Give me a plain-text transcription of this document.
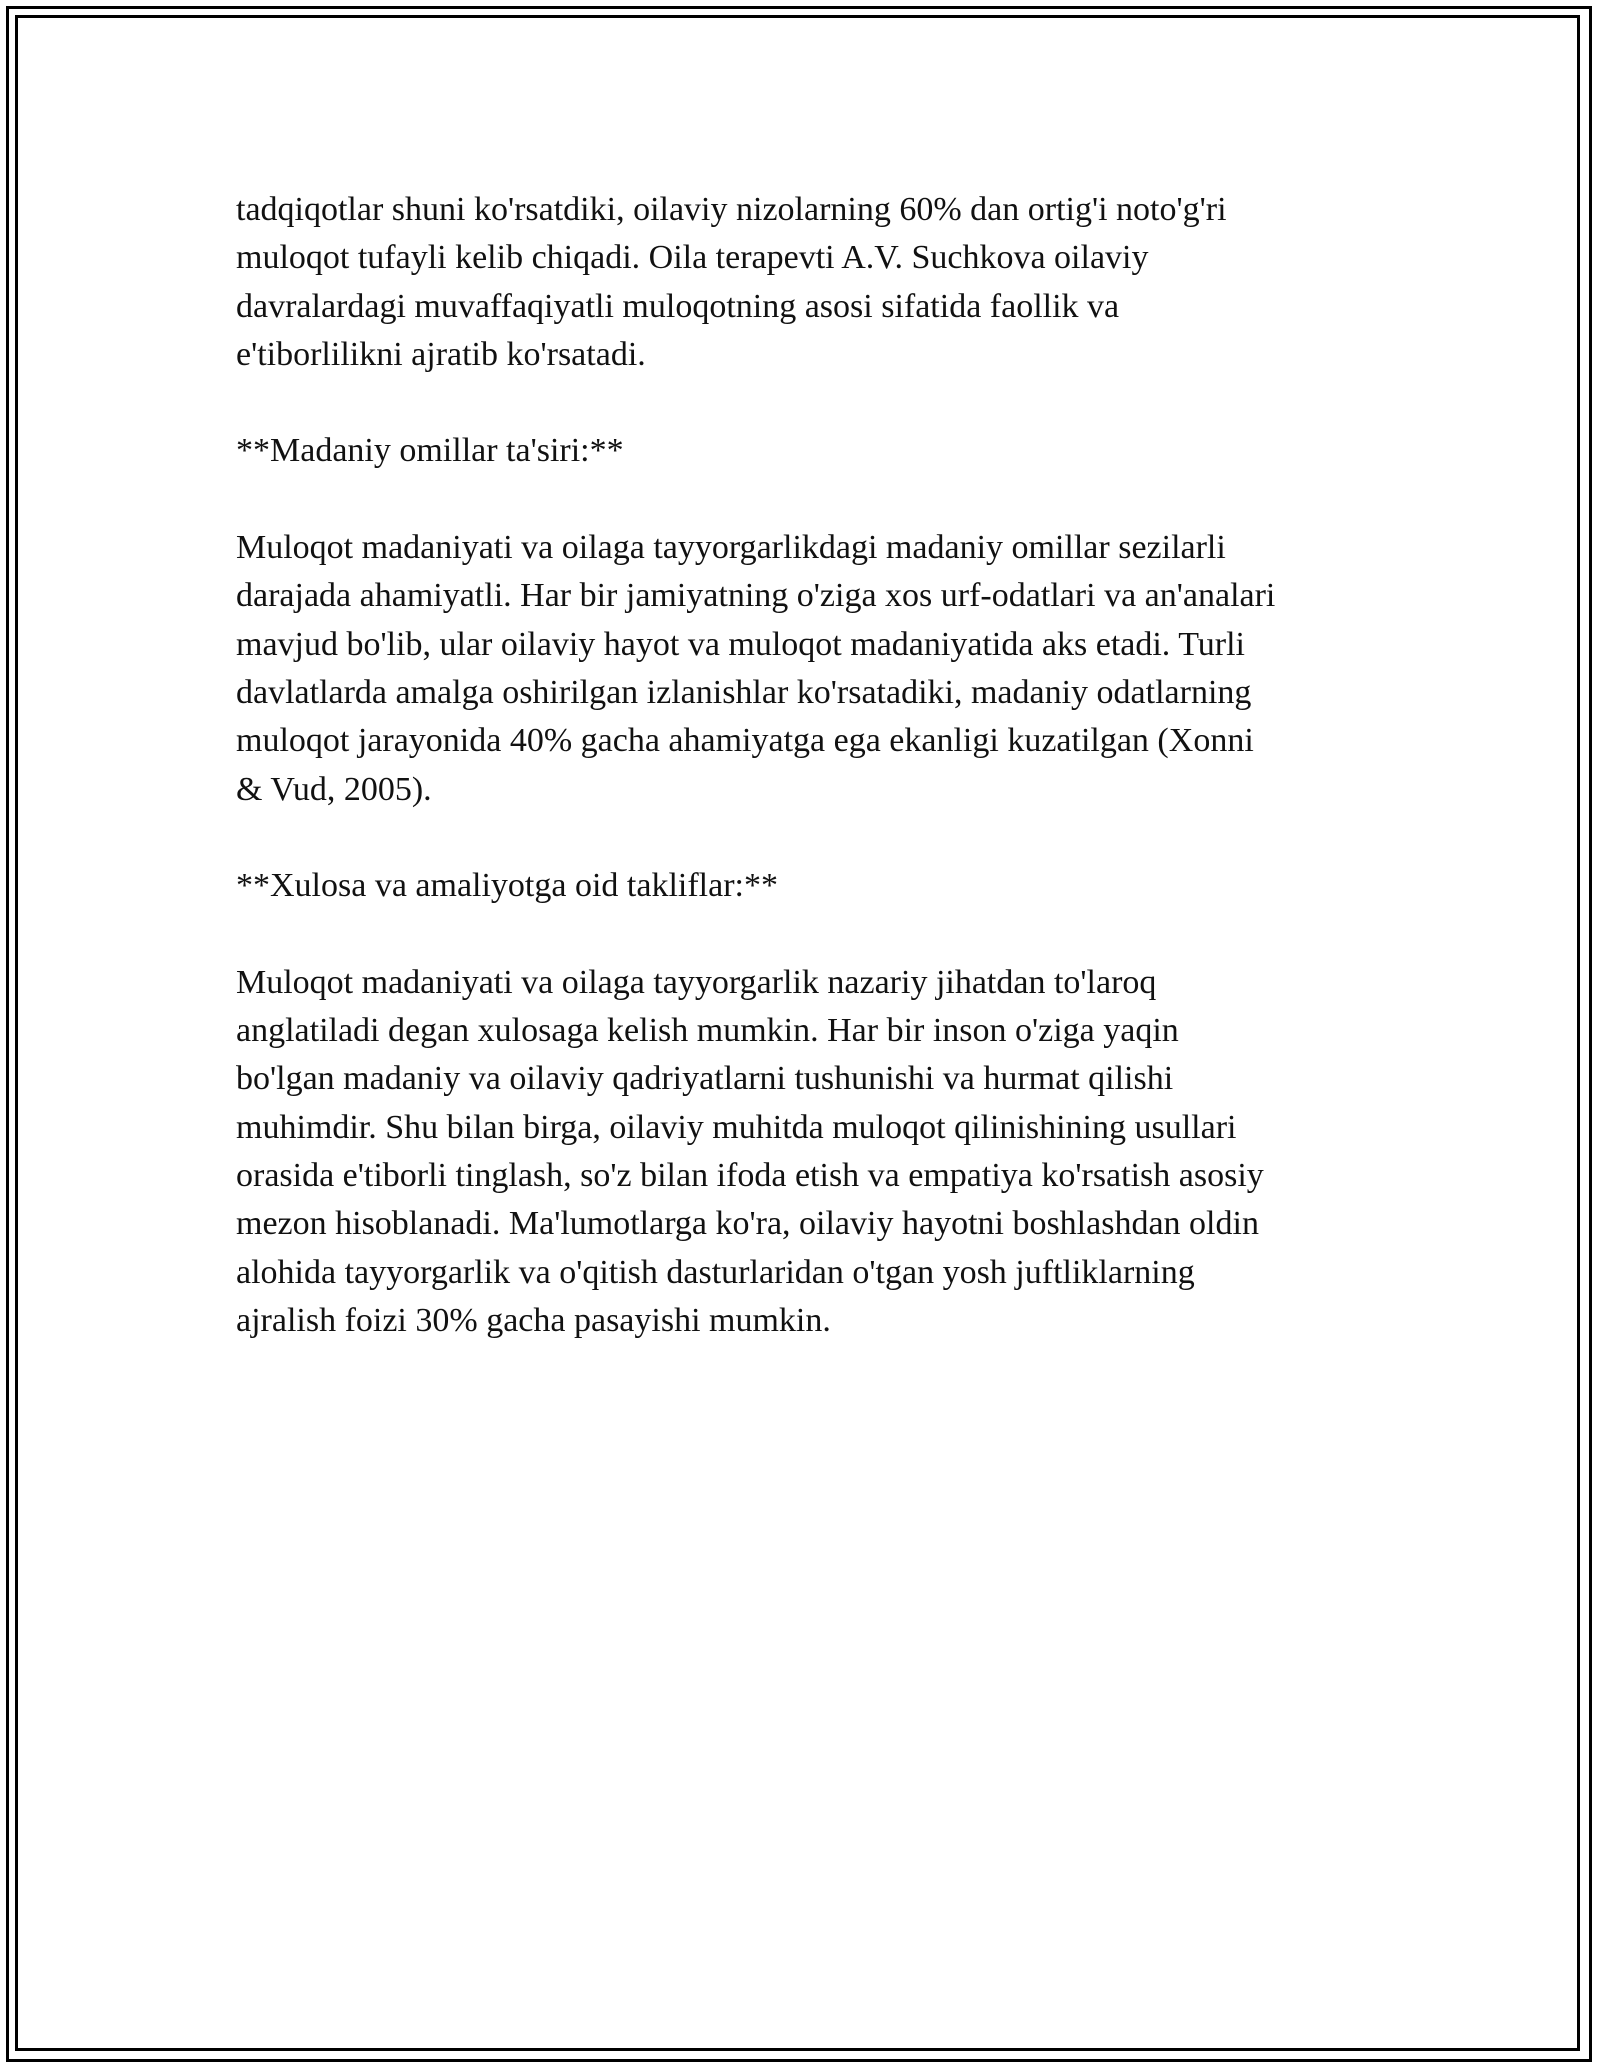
tadqiqotlar shuni ko'rsatdiki, oilaviy nizolarning 60% dan ortig'i noto'g'ri
muloqot tufayli kelib chiqadi. Oila terapevti A.V. Suchkova oilaviy
davralardagi muvaffaqiyatli muloqotning asosi sifatida faollik va
e'tiborlilikni ajratib ko'rsatadi.

**Madaniy omillar ta'siri:**

Muloqot madaniyati va oilaga tayyorgarlikdagi madaniy omillar sezilarli
darajada ahamiyatli. Har bir jamiyatning o'ziga xos urf-odatlari va an'analari
mavjud bo'lib, ular oilaviy hayot va muloqot madaniyatida aks etadi. Turli
davlatlarda amalga oshirilgan izlanishlar ko'rsatadiki, madaniy odatlarning
muloqot jarayonida 40% gacha ahamiyatga ega ekanligi kuzatilgan (Xonni
& Vud, 2005).

**Xulosa va amaliyotga oid takliflar:**

Muloqot madaniyati va oilaga tayyorgarlik nazariy jihatdan to'laroq
anglatiladi degan xulosaga kelish mumkin. Har bir inson o'ziga yaqin
bo'lgan madaniy va oilaviy qadriyatlarni tushunishi va hurmat qilishi
muhimdir. Shu bilan birga, oilaviy muhitda muloqot qilinishining usullari
orasida e'tiborli tinglash, so'z bilan ifoda etish va empatiya ko'rsatish asosiy
mezon hisoblanadi. Ma'lumotlarga ko'ra, oilaviy hayotni boshlashdan oldin
alohida tayyorgarlik va o'qitish dasturlaridan o'tgan yosh juftliklarning
ajralish foizi 30% gacha pasayishi mumkin.
